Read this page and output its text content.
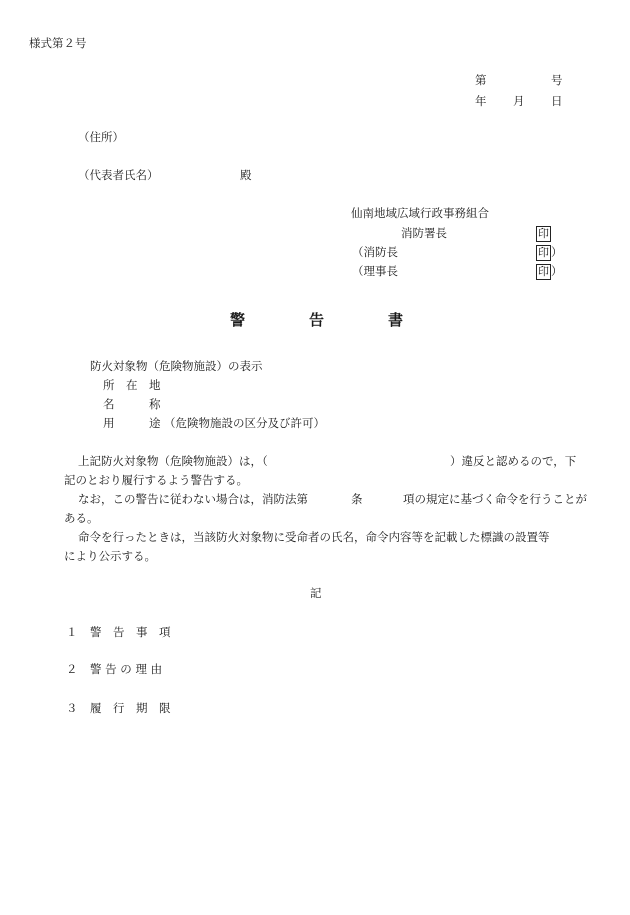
様式第２号
第	号
年 月 日
（住所）
（代表者氏名）	殿
仙南地域広域行政事務組合
消防署長	印
（消防長	印 ）
（理事長	印 ）
警	告	書
防火対象物（危険物施設）の表示
所　在　地
名　　　称
用　　　途 （危険物施設の区分及び許可）
上記防火対象物（危険物施設）は，（	）違反と認めるので，下
記のとおり履行するよう警告する。
なお，この警告に従わない場合は，消防法第	条	項の規定に基づく命令を行うことが
ある。
命令を行ったときは，当該防火対象物に受命者の氏名，命令内容等を記載した標識の設置等
により公示する。
記
１ 警　告　事　項
２ 警 告 の 理 由
３ 履　行　期　限
